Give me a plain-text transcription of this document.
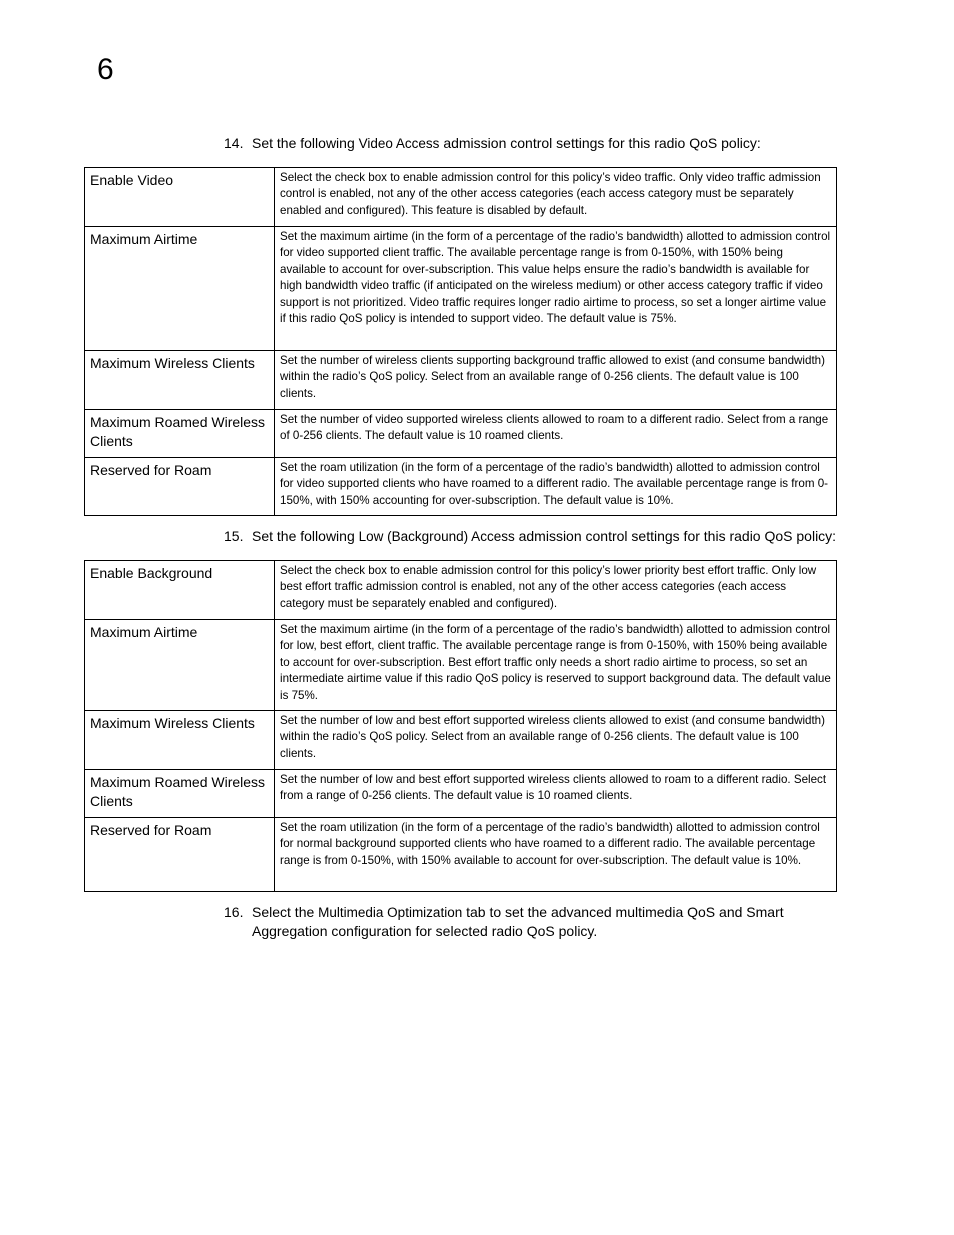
6
14. Set the following Video Access admission control settings for this radio QoS policy:
Enable Video	Select the check box to enable admission control for this policy’s video traffic. Only video traffic admission control is enabled, not any of the other access categories (each access category must be separately enabled and configured). This feature is disabled by default.
Maximum Airtime	Set the maximum airtime (in the form of a percentage of the radio’s bandwidth) allotted to admission control for video supported client traffic. The available percentage range is from 0-150%, with 150% being available to account for over-subscription. This value helps ensure the radio’s bandwidth is available for high bandwidth video traffic (if anticipated on the wireless medium) or other access category traffic if video support is not prioritized. Video traffic requires longer radio airtime to process, so set a longer airtime value if this radio QoS policy is intended to support video. The default value is 75%.
Maximum Wireless Clients	Set the number of wireless clients supporting background traffic allowed to exist (and consume bandwidth) within the radio’s QoS policy. Select from an available range of 0-256 clients. The default value is 100 clients.
Maximum Roamed Wireless Clients	Set the number of video supported wireless clients allowed to roam to a different radio. Select from a range of 0-256 clients. The default value is 10 roamed clients.
Reserved for Roam	Set the roam utilization (in the form of a percentage of the radio’s bandwidth) allotted to admission control for video supported clients who have roamed to a different radio. The available percentage range is from 0-150%, with 150% accounting for over-subscription. The default value is 10%.
15. Set the following Low (Background) Access admission control settings for this radio QoS policy:
Enable Background	Select the check box to enable admission control for this policy’s lower priority best effort traffic. Only low best effort traffic admission control is enabled, not any of the other access categories (each access category must be separately enabled and configured).
Maximum Airtime	Set the maximum airtime (in the form of a percentage of the radio’s bandwidth) allotted to admission control for low, best effort, client traffic. The available percentage range is from 0-150%, with 150% being available to account for over-subscription. Best effort traffic only needs a short radio airtime to process, so set an intermediate airtime value if this radio QoS policy is reserved to support background data. The default value is 75%.
Maximum Wireless Clients	Set the number of low and best effort supported wireless clients allowed to exist (and consume bandwidth) within the radio’s QoS policy. Select from an available range of 0-256 clients. The default value is 100 clients.
Maximum Roamed Wireless Clients	Set the number of low and best effort supported wireless clients allowed to roam to a different radio. Select from a range of 0-256 clients. The default value is 10 roamed clients.
Reserved for Roam	Set the roam utilization (in the form of a percentage of the radio’s bandwidth) allotted to admission control for normal background supported clients who have roamed to a different radio. The available percentage range is from 0-150%, with 150% available to account for over-subscription. The default value is 10%.
16. Select the Multimedia Optimization tab to set the advanced multimedia QoS and Smart Aggregation configuration for selected radio QoS policy.
